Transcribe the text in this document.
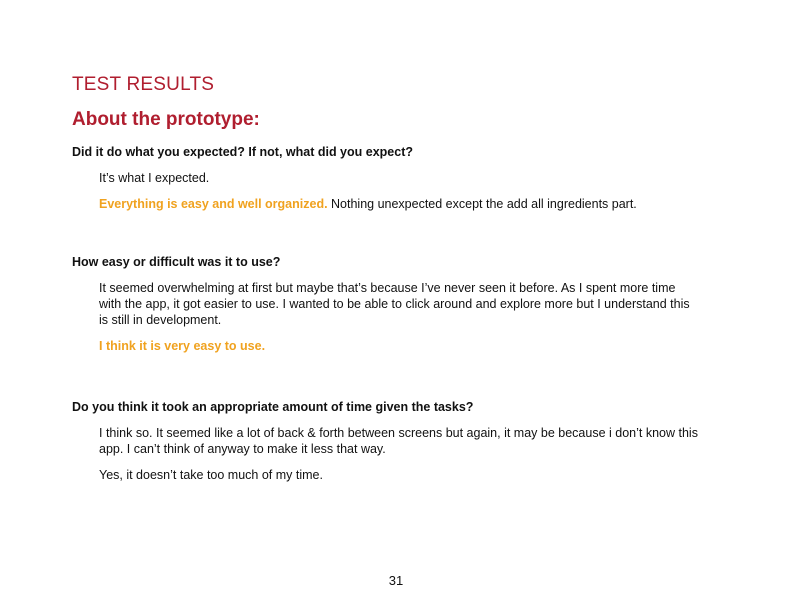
TEST RESULTS
About the prototype:

Did it do what you expected? If not, what did you expect?

It’s what I expected.

Everything is easy and well organized. Nothing unexpected except the add all ingredients part.

How easy or difficult was it to use?

It seemed overwhelming at first but maybe that’s because I’ve never seen it before. As I spent more time with the app, it got easier to use. I wanted to be able to click around and explore more but I understand this is still in development.

I think it is very easy to use.

Do you think it took an appropriate amount of time given the tasks?

I think so. It seemed like a lot of back & forth between screens but again, it may be because i don’t know this app. I can’t think of anyway to make it less that way.

Yes, it doesn’t take too much of my time.

31
